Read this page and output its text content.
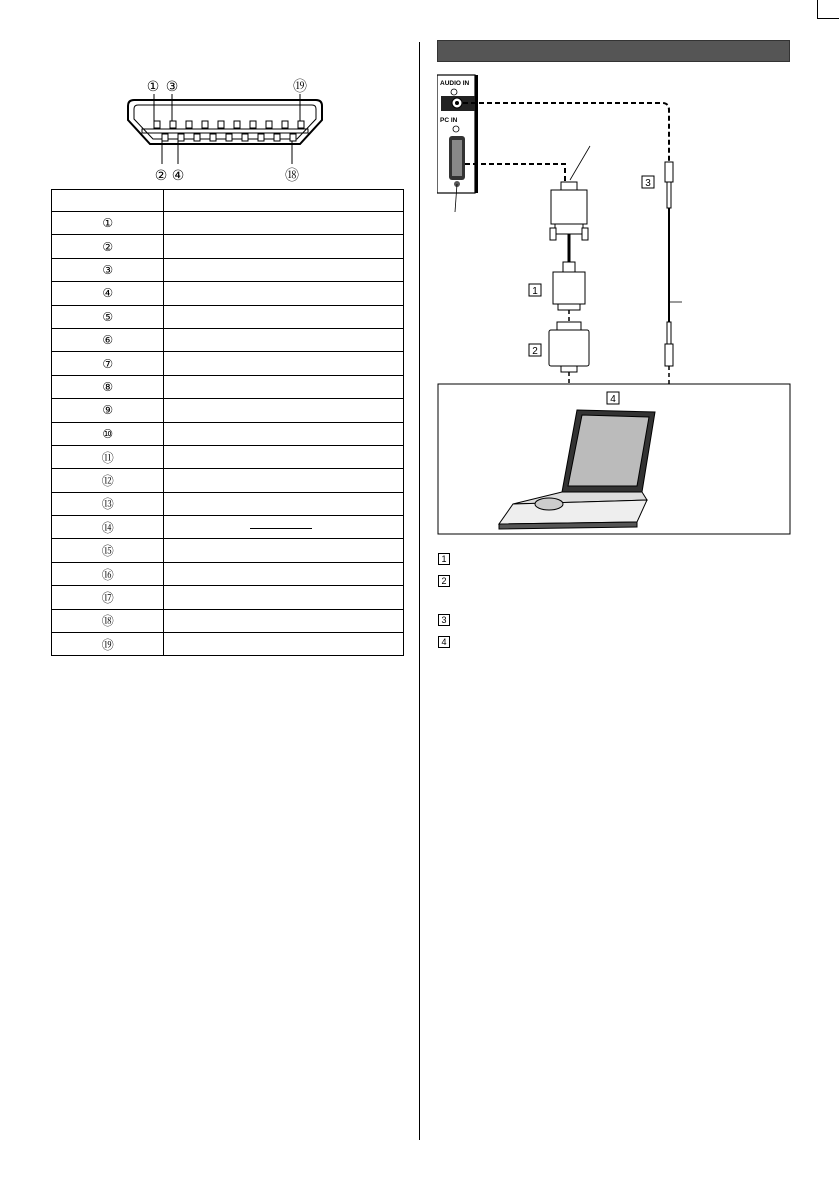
① ③	⑲
② ④	⑱

①	
②	
③	
④	
⑤	
⑥	
⑦	
⑧	
⑨	
⑩	
⑪	
⑫	
⑬	
⑭	
⑮	
⑯	
⑰	
⑱	
⑲	
AUDIO IN
PC IN
3
1
2
4
1
2
3
4
